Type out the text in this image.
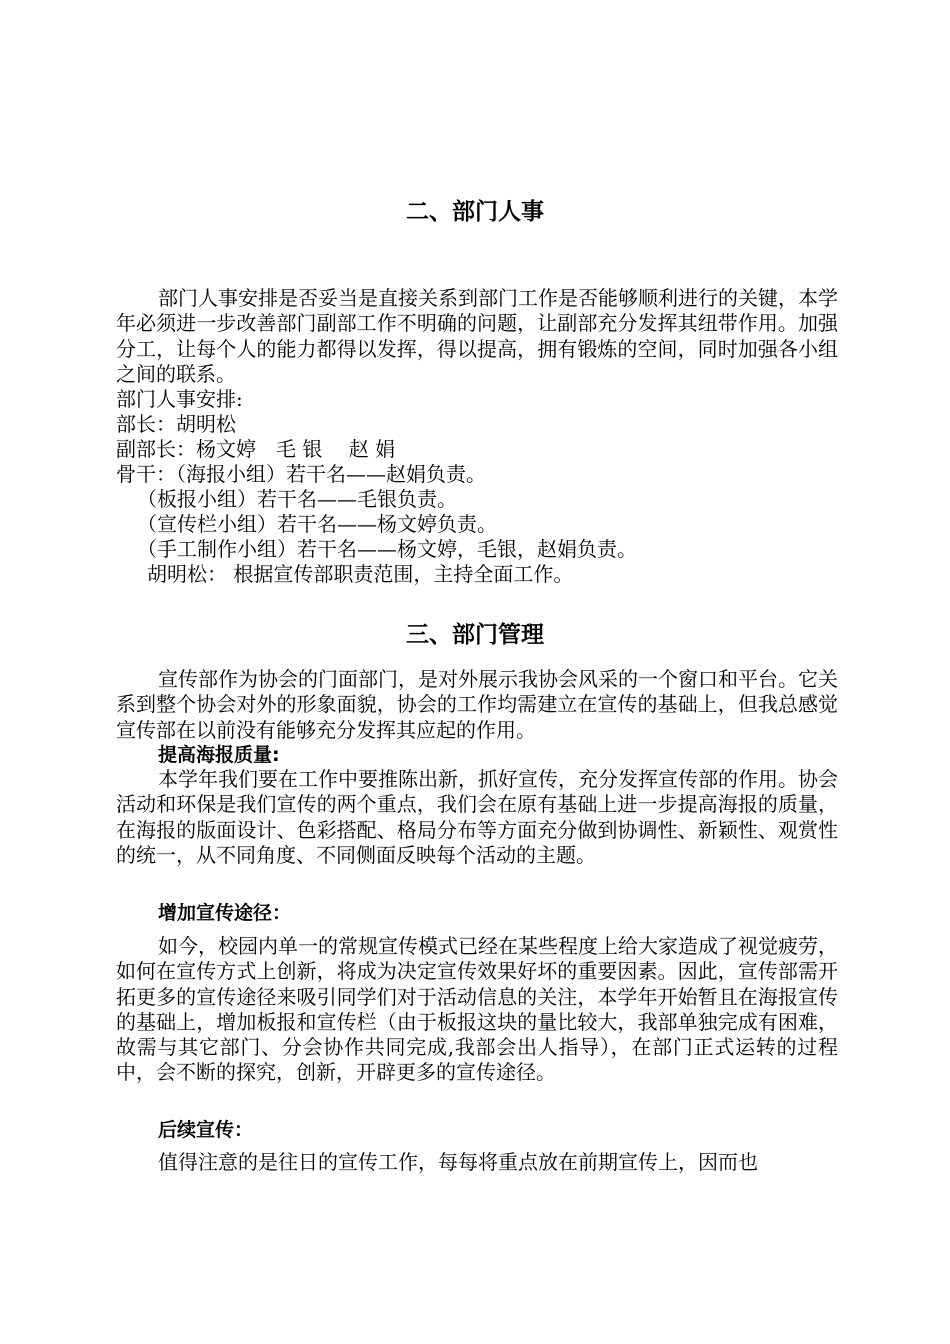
二、部门人事
部门人事安排是否妥当是直接关系到部门工作是否能够顺利进行的关键，本学年必须进一步改善部门副部工作不明确的问题，让副部充分发挥其纽带作用。加强分工，让每个人的能力都得以发挥，得以提高，拥有锻炼的空间，同时加强各小组之间的联系。
部门人事安排:
部长：胡明松
副部长：杨文婷　毛 银　 赵 娟
骨干：（海报小组）若干名——赵娟负责。
（板报小组）若干名——毛银负责。
（宣传栏小组）若干名——杨文婷负责。
（手工制作小组）若干名——杨文婷，毛银，赵娟负责。
胡明松： 根据宣传部职责范围，主持全面工作。
三、部门管理
宣传部作为协会的门面部门，是对外展示我协会风采的一个窗口和平台。它关系到整个协会对外的形象面貌，协会的工作均需建立在宣传的基础上，但我总感觉宣传部在以前没有能够充分发挥其应起的作用。
提高海报质量:
本学年我们要在工作中要推陈出新，抓好宣传，充分发挥宣传部的作用。协会活动和环保是我们宣传的两个重点，我们会在原有基础上进一步提高海报的质量，在海报的版面设计、色彩搭配、格局分布等方面充分做到协调性、新颖性、观赏性的统一，从不同角度、不同侧面反映每个活动的主题。
增加宣传途径：
如今，校园内单一的常规宣传模式已经在某些程度上给大家造成了视觉疲劳，如何在宣传方式上创新，将成为决定宣传效果好坏的重要因素。因此，宣传部需开拓更多的宣传途径来吸引同学们对于活动信息的关注，本学年开始暂且在海报宣传的基础上，增加板报和宣传栏（由于板报这块的量比较大，我部单独完成有困难，故需与其它部门、分会协作共同完成,我部会出人指导），在部门正式运转的过程中，会不断的探究，创新，开辟更多的宣传途径。
后续宣传：
值得注意的是往日的宣传工作，每每将重点放在前期宣传上，因而也
